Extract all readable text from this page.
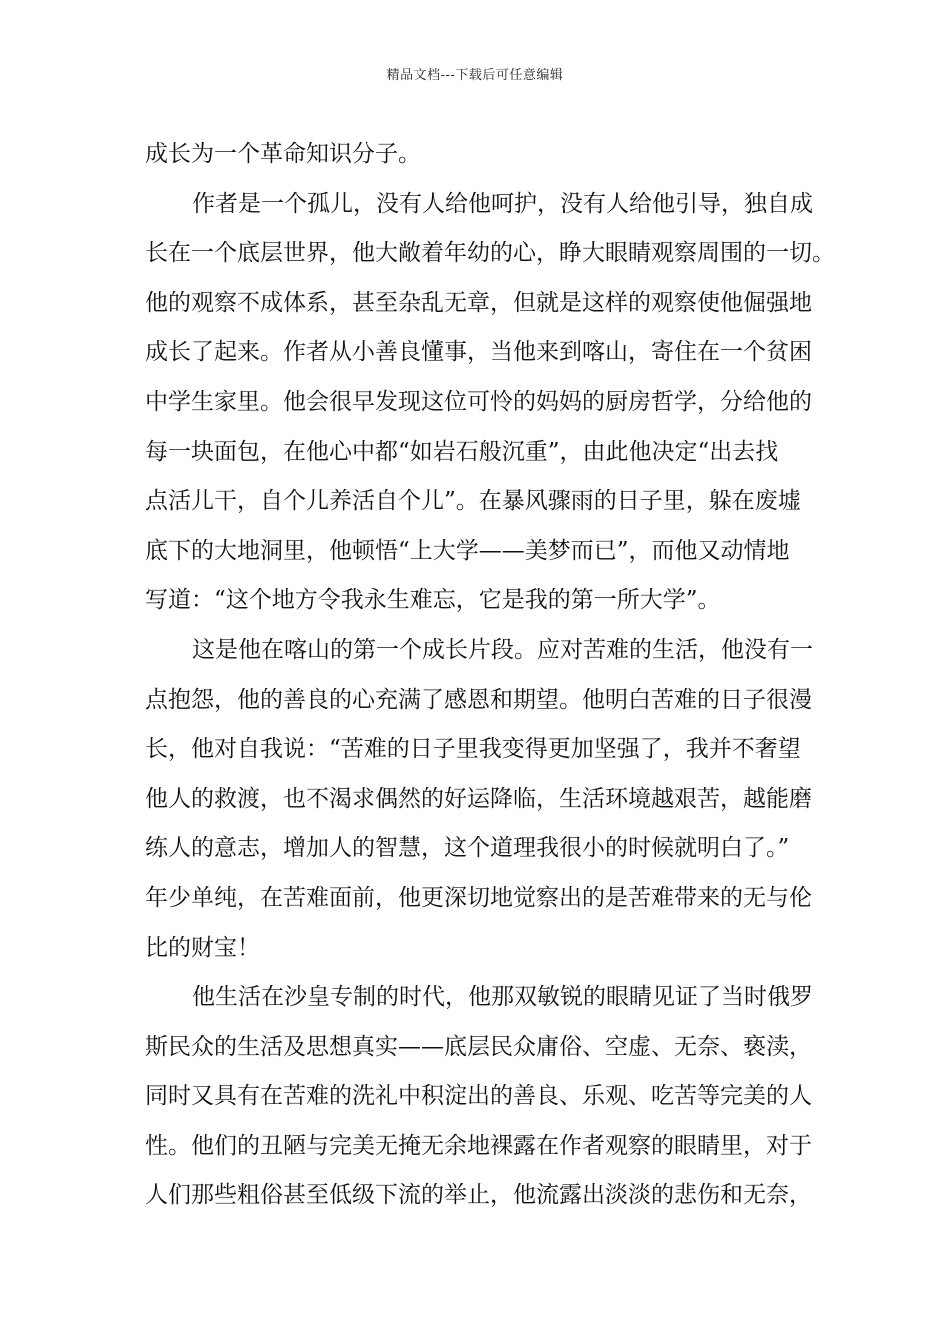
精品文档---下载后可任意编辑
成长为一个革命知识分子。
作者是一个孤儿，没有人给他呵护，没有人给他引导，独自成
长在一个底层世界，他大敞着年幼的心，睁大眼睛观察周围的一切。
他的观察不成体系，甚至杂乱无章，但就是这样的观察使他倔强地
成长了起来。作者从小善良懂事，当他来到喀山，寄住在一个贫困
中学生家里。他会很早发现这位可怜的妈妈的厨房哲学，分给他的
每一块面包，在他心中都“如岩石般沉重”，由此他决定“出去找
点活儿干，自个儿养活自个儿”。在暴风骤雨的日子里，躲在废墟
底下的大地洞里，他顿悟“上大学——美梦而已”，而他又动情地
写道：“这个地方令我永生难忘，它是我的第一所大学”。
这是他在喀山的第一个成长片段。应对苦难的生活，他没有一
点抱怨，他的善良的心充满了感恩和期望。他明白苦难的日子很漫
长，他对自我说：“苦难的日子里我变得更加坚强了，我并不奢望
他人的救渡，也不渴求偶然的好运降临，生活环境越艰苦，越能磨
练人的意志，增加人的智慧，这个道理我很小的时候就明白了。”
年少单纯，在苦难面前，他更深切地觉察出的是苦难带来的无与伦
比的财宝！
他生活在沙皇专制的时代，他那双敏锐的眼睛见证了当时俄罗
斯民众的生活及思想真实——底层民众庸俗、空虚、无奈、亵渎，
同时又具有在苦难的洗礼中积淀出的善良、乐观、吃苦等完美的人
性。他们的丑陋与完美无掩无余地裸露在作者观察的眼睛里，对于
人们那些粗俗甚至低级下流的举止，他流露出淡淡的悲伤和无奈，
